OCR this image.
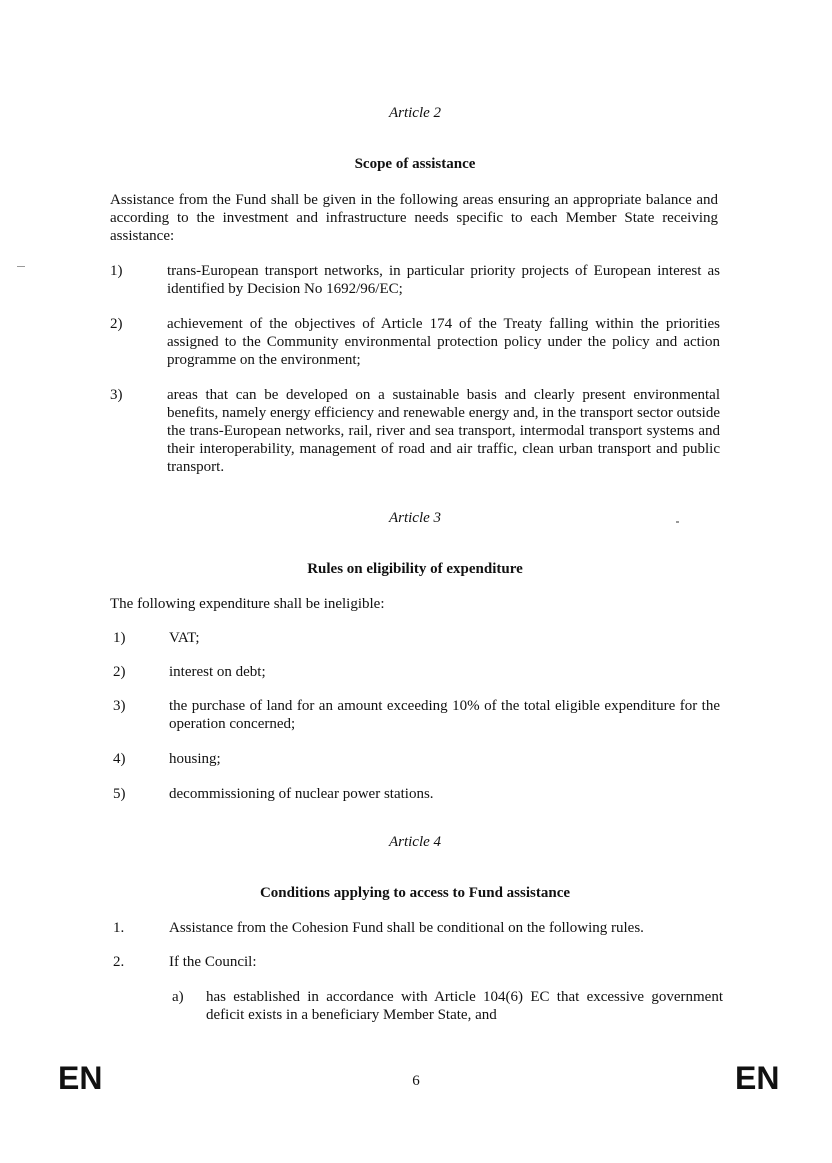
Article 2
Scope of assistance
Assistance from the Fund shall be given in the following areas ensuring an appropriate balance and according to the investment and infrastructure needs specific to each Member State receiving assistance:
1)	trans-European transport networks, in particular priority projects of European interest as identified by Decision No 1692/96/EC;
2)	achievement of the objectives of Article 174 of the Treaty falling within the priorities assigned to the Community environmental protection policy under the policy and action programme on the environment;
3)	areas that can be developed on a sustainable basis and clearly present environmental benefits, namely energy efficiency and renewable energy and, in the transport sector outside the trans-European networks, rail, river and sea transport, intermodal transport systems and their interoperability, management of road and air traffic, clean urban transport and public transport.
Article 3
Rules on eligibility of expenditure
The following expenditure shall be ineligible:
1)	VAT;
2)	interest on debt;
3)	the purchase of land for an amount exceeding 10% of the total eligible expenditure for the operation concerned;
4)	housing;
5)	decommissioning of nuclear power stations.
Article 4
Conditions applying to access to Fund assistance
1.	Assistance from the Cohesion Fund shall be conditional on the following rules.
2.	If the Council:
a) has established in accordance with Article 104(6) EC that excessive government deficit exists in a beneficiary Member State, and
EN	6	EN
